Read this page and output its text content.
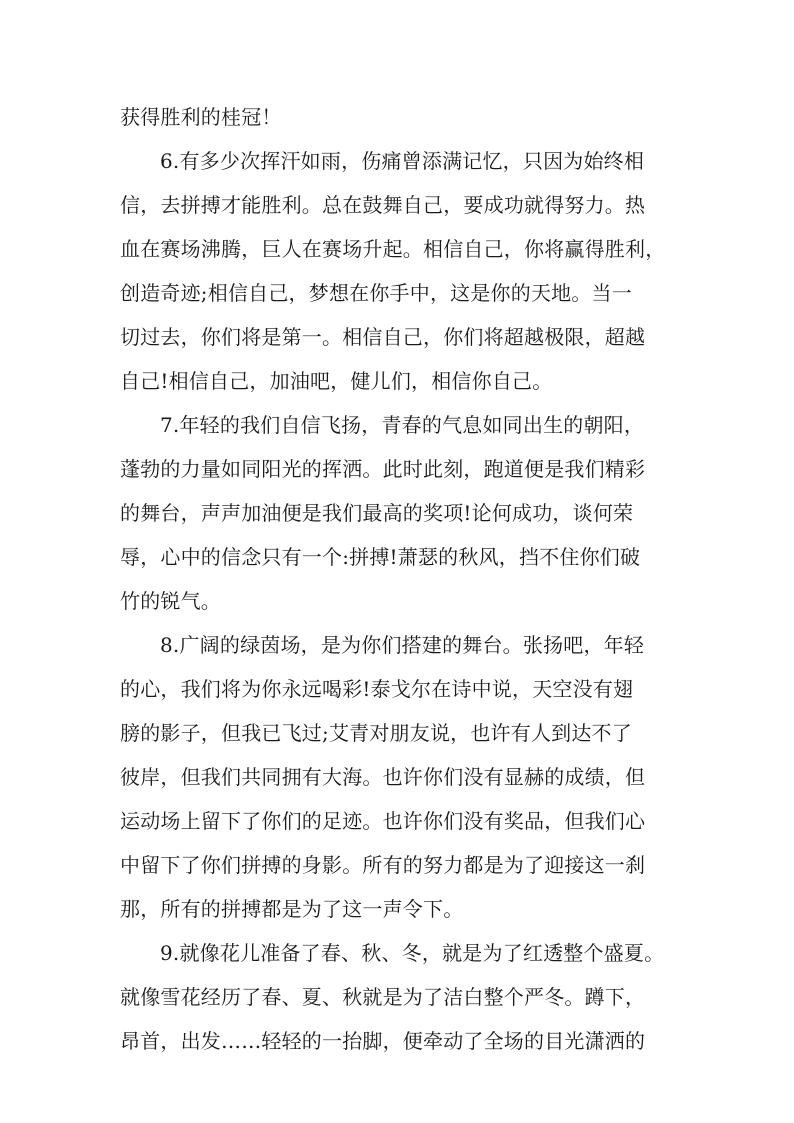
获得胜利的桂冠！
6.有多少次挥汗如雨，伤痛曾添满记忆，只因为始终相
信，去拼搏才能胜利。总在鼓舞自己，要成功就得努力。热
血在赛场沸腾，巨人在赛场升起。相信自己，你将赢得胜利，
创造奇迹;相信自己，梦想在你手中，这是你的天地。当一
切过去，你们将是第一。相信自己，你们将超越极限，超越
自己!相信自己，加油吧，健儿们，相信你自己。
7.年轻的我们自信飞扬，青春的气息如同出生的朝阳，
蓬勃的力量如同阳光的挥洒。此时此刻，跑道便是我们精彩
的舞台，声声加油便是我们最高的奖项!论何成功，谈何荣
辱，心中的信念只有一个:拼搏!萧瑟的秋风，挡不住你们破
竹的锐气。
8.广阔的绿茵场，是为你们搭建的舞台。张扬吧，年轻
的心，我们将为你永远喝彩!泰戈尔在诗中说，天空没有翅
膀的影子，但我已飞过;艾青对朋友说，也许有人到达不了
彼岸，但我们共同拥有大海。也许你们没有显赫的成绩，但
运动场上留下了你们的足迹。也许你们没有奖品，但我们心
中留下了你们拼搏的身影。所有的努力都是为了迎接这一刹
那，所有的拼搏都是为了这一声令下。
9.就像花儿准备了春、秋、冬，就是为了红透整个盛夏。
就像雪花经历了春、夏、秋就是为了洁白整个严冬。蹲下，
昂首，出发……轻轻的一抬脚，便牵动了全场的目光潇洒的
